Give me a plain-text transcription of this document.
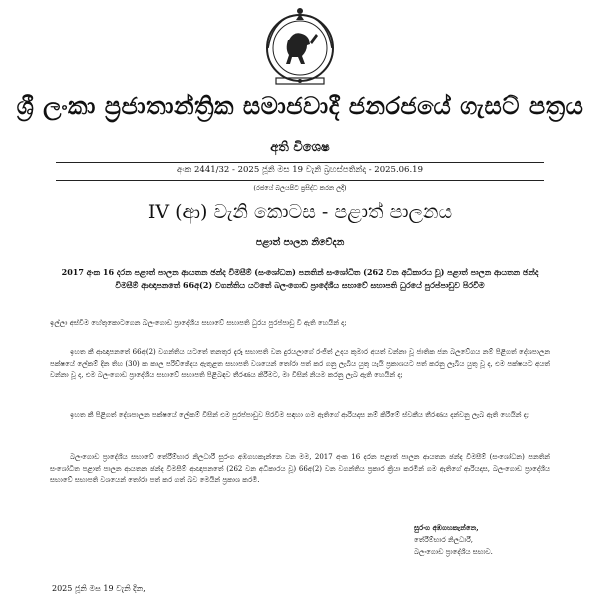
ශ්‍රී ලංකා ප්‍රජාතාන්ත්‍රික සමාජවාදී ජනරජයේ ගැසට් පත්‍රය
අති විශෙෂ
අංක 2441/32 - 2025 ජූනි මස 19 වැනි බ්‍රහස්පතින්දා - 2025.06.19
(රජයේ බලයපිට ප්‍රසිද්ධ කරන ලදී)
IV (ආ) වැනි කොටස - පළාත් පාලනය
පළාත් පාලන නිවේදන
2017 අංක 16 දරන පළාත් පාලන ආයතන ඡන්ද විමසීම් (සංශෝධන) පනතින් සංශෝධිත (262 වන අධිකාරය වූ) පළාත් පාලන ආයතන ඡන්ද විමසීම් ආඥාපනතේ 66අ(2) වගන්තිය යටතේ බලංගොඩ ප්‍රාදේශීය සභාවේ සභාපති ධුරයේ පුරප්පාඩුව පිරවීම
ඉල්ලා අස්වීම හේතුකොටගෙන බලංගොඩ ප්‍රාදේශීය සභාවේ සභාපති ධුරය පුරප්පාඩු වී ඇති හෙයින් ද;
ඉහත කී ආඥාපනතේ 66අ(2) වගන්තිය යටතේ තනතුර දැරූ සභාපති වන දුරයලාගේ රංජිත් උදය කුමාර අයත් වන්නා වූ ජාතික ජන බලවේගය නම් පිළිගත් දේශපාලන පක්ෂයේ ලේකම් දින තිහ (30) ක කාල පරිච්ඡේදය ඇතුළත සභාපති වශයෙන් තෝරා පත් කර ගනු ලැබිය යුතු යැයි ප්‍රකාශයට පත් කරනු ලැබිය යුතු වූ ද, එම පක්ෂයට අයත් වන්නා වූ ද, එම බලංගොඩ ප්‍රාදේශීය සභාවේ සභාපති පිළිබඳව තීරණය කිරීමට, මා විසින් නියම කරනු ලැබ ඇති හෙයින් ද;
ඉහත කී පිළිගත් දේශපාලන පක්ෂයේ ලේකම් විසින් එම පුරප්පාඩුව පිරවීම සඳහා ගම ඇතිගේ ආරියදාස නම් කිරීමේ ස්වකීය තීරණය දන්වනු ලැබ ඇති හෙයින් ද;
බලංගොඩ ප්‍රාදේශීය සභාවේ තේරීම්භාර නිලධාරී සුරංග අඹගහකැන්නෙ වන මම, 2017 අංක 16 දරන පළාත් පාලන ආයතන ඡන්ද විමසීම් (සංශෝධන) පනතින් සංශෝධිත පළාත් පාලන ආයතන ඡන්ද විමසීම් ආඥාපනතේ (262 වන අධිකාරය වූ) 66අ(2) වන වගන්තිය ප්‍රකාර ක්‍රියා කරමින් ගම ඇතිගේ ආරියදාස, බලංගොඩ ප්‍රාදේශීය සභාවේ සභාපති වශයෙන් තෝරා පත් කර ගත් බව මෙයින් ප්‍රකාශ කරමි.
සුරංග අඹගහකැන්නෙ,
තේරීම්භාර නිලධාරී,
බලංගොඩ ප්‍රාදේශීය සභාව.
2025 ජූනි මස 19 වැනි දින,
